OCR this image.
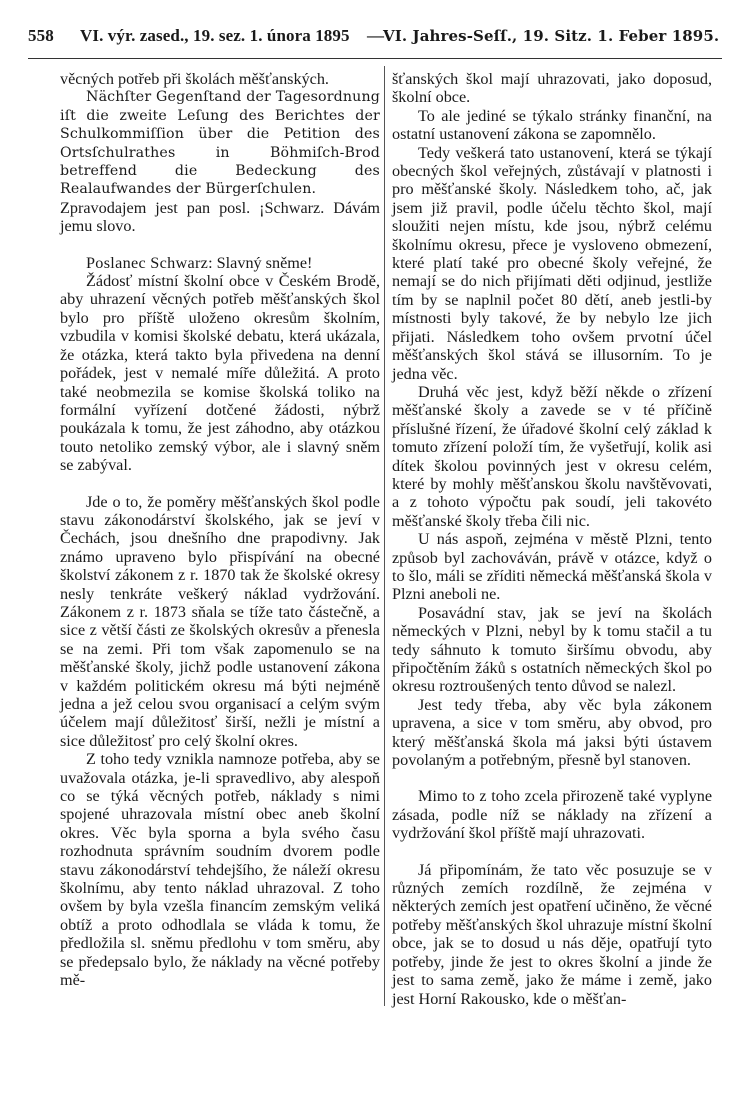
558 VI. výr. zased., 19. sez. 1. února 1895 —
VI. Jahres-Seſſ., 19. Sitz. 1. Feber 1895.

věcných potřeb při školách měšťanských.

Nächſter Gegenſtand der Tagesordnung iſt die zweite Leſung des Berichtes der Schulkommiſſion über die Petition des Ortsſchulrathes in Böhmiſch-Brod betreffend die Bedeckung des Realaufwandes der Bürgerſchulen.

Zpravodajem jest pan posl. ¡Schwarz. Dávám jemu slovo.

Poslanec Schwarz: Slavný sněme!

Žádosť místní školní obce v Českém Brodě, aby uhrazení věcných potřeb měšťanských škol bylo pro příště uloženo okresům školním, vzbudila v komisi školské debatu, která ukázala, že otázka, která takto byla přivedena na denní pořádek, jest v nemalé míře důležitá. A proto také neobmezila se komise školská toliko na formální vyřízení dotčené žádosti, nýbrž poukázala k tomu, že jest záhodno, aby otázkou touto netoliko zemský výbor, ale i slavný sněm se zabýval.

Jde o to, že poměry měšťanských škol podle stavu zákonodárství školského, jak se jeví v Čechách, jsou dnešního dne prapodivny. Jak známo upraveno bylo přispívání na obecné školství zákonem z r. 1870 tak že školské okresy nesly tenkráte veškerý náklad vydržování. Zákonem z r. 1873 sňala se tíže tato částečně, a sice z větší části ze školských okresův a přenesla se na zemi. Při tom však zapomenulo se na měšťanské školy, jichž podle ustanovení zákona v každém politickém okresu má býti nejméně jedna a jež celou svou organisací a celým svým účelem mají důležitosť širší, nežli je místní a sice důležitosť pro celý školní okres.

Z toho tedy vznikla namnoze potřeba, aby se uvažovala otázka, je-li spravedlivo, aby alespoň co se týká věcných potřeb, náklady s nimi spojené uhrazovala místní obec aneb školní okres. Věc byla sporna a byla svého času rozhodnuta správním soudním dvorem podle stavu zákonodárství tehdejšího, že náleží okresu školnímu, aby tento náklad uhrazoval. Z toho ovšem by byla vzešla financím zemským veliká obtíž a proto odhodlala se vláda k tomu, že předložila sl. sněmu předlohu v tom směru, aby se předepsalo bylo, že náklady na věcné potřeby mě-

šťanských škol mají uhrazovati, jako doposud, školní obce.

To ale jediné se týkalo stránky finanční, na ostatní ustanovení zákona se zapomnělo.

Tedy veškerá tato ustanovení, která se týkají obecných škol veřejných, zůstávají v platnosti i pro měšťanské školy. Následkem toho, ač, jak jsem již pravil, podle účelu těchto škol, mají sloužiti nejen místu, kde jsou, nýbrž celému školnímu okresu, přece je vysloveno obmezení, které platí také pro obecné školy veřejné, že nemají se do nich přijímati děti odjinud, jestliže tím by se naplnil počet 80 dětí, aneb jestli-by místnosti byly takové, že by nebylo lze jich přijati. Následkem toho ovšem prvotní účel měšťanských škol stává se illusorním. To je jedna věc.

Druhá věc jest, když běží někde o zřízení měšťanské školy a zavede se v té příčině příslušné řízení, že úřadové školní celý základ k tomuto zřízení položí tím, že vyšetřují, kolik asi dítek školou povinných jest v okresu celém, které by mohly měšťanskou školu navštěvovati, a z tohoto výpočtu pak soudí, jeli takovéto měšťanské školy třeba čili nic.

U nás aspoň, zejména v městě Plzni, tento způsob byl zachováván, právě v otázce, když o to šlo, máli se zříditi německá měšťanská škola v Plzni aneboli ne.

Posavádní stav, jak se jeví na školách německých v Plzni, nebyl by k tomu stačil a tu tedy sáhnuto k tomuto širšímu obvodu, aby připočtěním žáků s ostatních německých škol po okresu roztroušených tento důvod se nalezl.

Jest tedy třeba, aby věc byla zákonem upravena, a sice v tom směru, aby obvod, pro který měšťanská škola má jaksi býti ústavem povolaným a potřebným, přesně byl stanoven.

Mimo to z toho zcela přirozeně také vyplyne zásada, podle níž se náklady na zřízení a vydržování škol příště mají uhrazovati.

Já připomínám, že tato věc posuzuje se v různých zemích rozdílně, že zejména v některých zemích jest opatření učiněno, že věcné potřeby měšťanských škol uhrazuje místní školní obce, jak se to dosud u nás děje, opatřují tyto potřeby, jinde že jest to okres školní a jinde že jest to sama země, jako že máme i země, jako jest Horní Rakousko, kde o měšťan-
